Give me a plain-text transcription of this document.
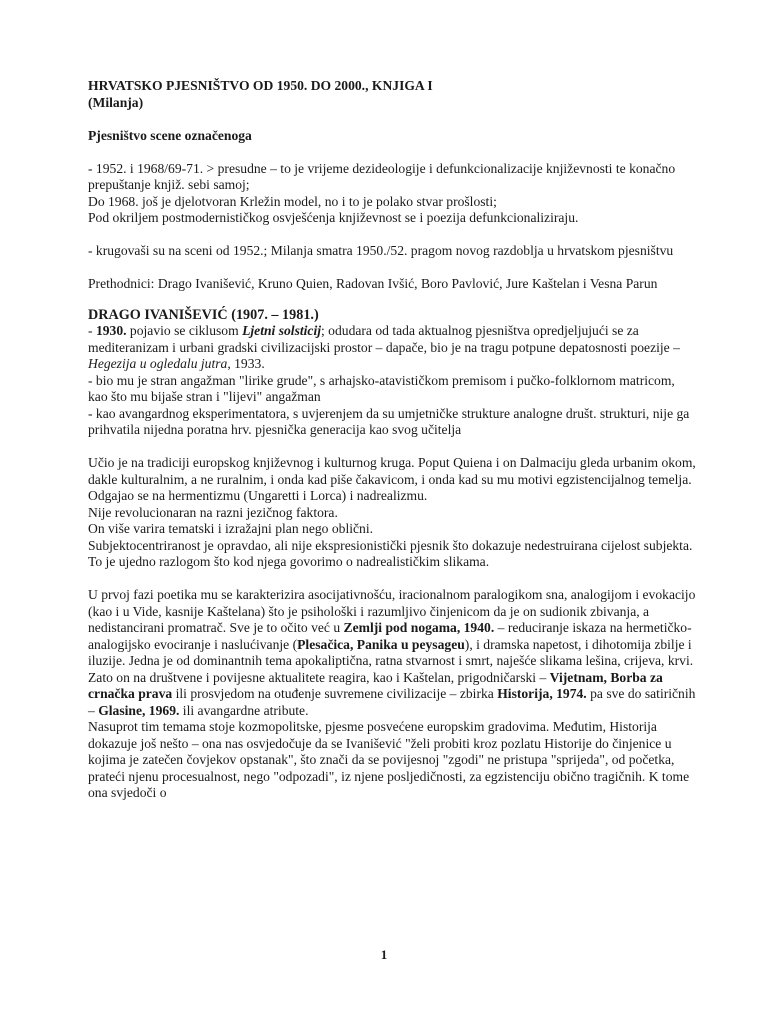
HRVATSKO PJESNIŠTVO OD 1950. DO 2000., KNJIGA I

(Milanja)

Pjesništvo scene označenoga

- 1952. i 1968/69-71. > presudne – to je vrijeme dezideologije i defunkcionalizacije književnosti te konačno prepuštanje knjiž. sebi samoj;

Do 1968. još je djelotvoran Krležin model, no i to je polako stvar prošlosti;

Pod okriljem postmodernističkog osvješćenja književnost se i poezija defunkcionaliziraju.

- krugovaši su na sceni od 1952.; Milanja smatra 1950./52. pragom novog razdoblja u hrvatskom pjesništvu

Prethodnici: Drago Ivanišević, Kruno Quien, Radovan Ivšić, Boro Pavlović, Jure Kaštelan i Vesna Parun

DRAGO IVANIŠEVIĆ (1907. – 1981.)

- 1930. pojavio se ciklusom Ljetni solsticij; odudara od tada aktualnog pjesništva opredjeljujući se za mediteranizam i urbani gradski civilizacijski prostor – dapače, bio je na tragu potpune depatosnosti poezije – Hegezija u ogledalu jutra, 1933.

- bio mu je stran angažman "lirike grude", s arhajsko-atavističkom premisom i pučko-folklornom matricom, kao što mu bijaše stran i "lijevi" angažman

- kao avangardnog eksperimentatora, s uvjerenjem da su umjetničke strukture analogne društ. strukturi, nije ga prihvatila nijedna poratna hrv. pjesnička generacija kao svog učitelja

Učio je na tradiciji europskog književnog i kulturnog kruga. Poput Quiena i on Dalmaciju gleda urbanim okom, dakle kulturalnim, a ne ruralnim, i onda kad piše čakavicom, i onda kad su mu motivi egzistencijalnog temelja.

Odgajao se na hermentizmu (Ungaretti i Lorca) i nadrealizmu.

Nije revolucionaran na razni jezičnog faktora.

On više varira tematski i izražajni plan nego oblični.

Subjektocentriranost je opravdao, ali nije ekspresionistički pjesnik što dokazuje nedestruirana cijelost subjekta. To je ujedno razlogom što kod njega govorimo o nadrealističkim slikama.

U prvoj fazi poetika mu se karakterizira asocijativnošću, iracionalnom paralogikom sna, analogijom i evokacijo (kao i u Vide, kasnije Kaštelana) što je psihološki i razumljivo činjenicom da je on sudionik zbivanja, a nedistancirani promatrač. Sve je to očito već u Zemlji pod nogama, 1940. – reduciranje iskaza na hermetičko-analogijsko evociranje i naslućivanje (Plesačica, Panika u peysageu), i dramska napetost, i dihotomija zbilje i iluzije. Jedna je od dominantnih tema apokaliptična, ratna stvarnost i smrt, naješće slikama lešina, crijeva, krvi. Zato on na društvene i povijesne aktualitete reagira, kao i Kaštelan, prigodničarski – Vijetnam, Borba za crnačka prava ili prosvjedom na otuđenje suvremene civilizacije – zbirka Historija, 1974. pa sve do satiričnih – Glasine, 1969. ili avangardne atribute.

Nasuprot tim temama stoje kozmopolitske, pjesme posvećene europskim gradovima. Međutim, Historija dokazuje još nešto – ona nas osvjedočuje da se Ivanišević "želi probiti kroz pozlatu Historije do činjenice u kojima je zatečen čovjekov opstanak", što znači da se povijesnoj "zgodi" ne pristupa "sprijeda", od početka, prateći njenu procesualnost, nego "odpozadi", iz njene posljedičnosti, za egzistenciju obično tragičnih. K tome ona svjedoči o

1
